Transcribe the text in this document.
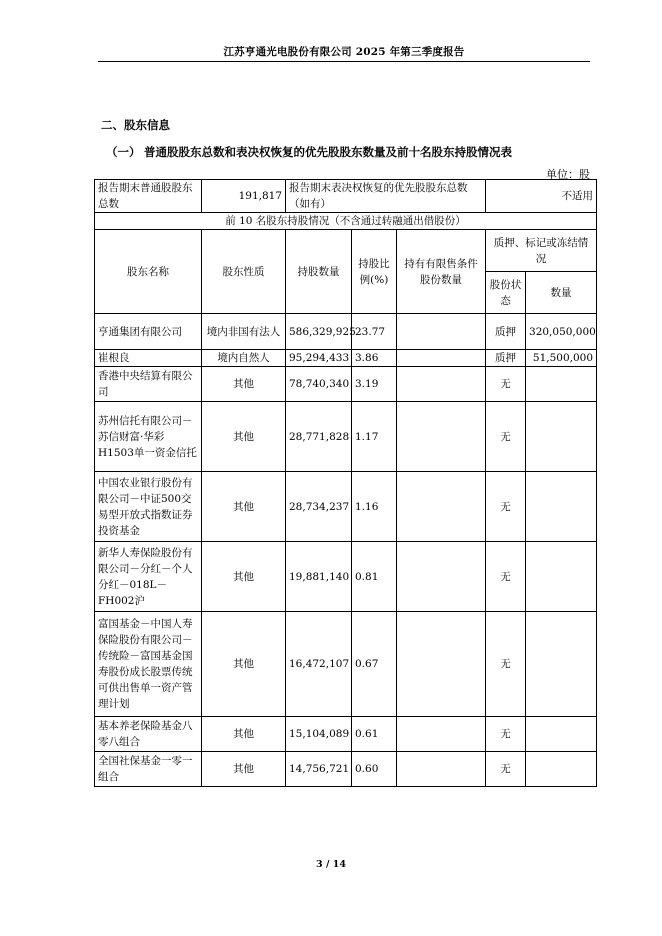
江苏亨通光电股份有限公司 2025 年第三季度报告
二、股东信息
（一） 普通股股东总数和表决权恢复的优先股股东数量及前十名股东持股情况表
单位：股
报告期末普通股股东总数	191,817	报告期末表决权恢复的优先股股东总数（如有）			不适用	
前 10 名股东持股情况（不含通过转融通出借股份）						
股东名称	股东性质	持股数量	持股比例(%)	持有有限售条件股份数量	质押、标记或冻结情况	
					股份状态	数量
亨通集团有限公司	境内非国有法人	586,329,925	23.77		质押	320,050,000
崔根良	境内自然人	95,294,433	3.86		质押	51,500,000
香港中央结算有限公司	其他	78,740,340	3.19		无	
苏州信托有限公司－苏信财富·华彩H1503单一资金信托	其他	28,771,828	1.17		无	
中国农业银行股份有限公司－中证500交易型开放式指数证券投资基金	其他	28,734,237	1.16		无	
新华人寿保险股份有限公司－分红－个人分红－018L－FH002沪	其他	19,881,140	0.81		无	
富国基金－中国人寿保险股份有限公司－传统险－富国基金国寿股份成长股票传统可供出售单一资产管理计划	其他	16,472,107	0.67		无	
基本养老保险基金八零八组合	其他	15,104,089	0.61		无	
全国社保基金一零一组合	其他	14,756,721	0.60		无	
3 / 14
